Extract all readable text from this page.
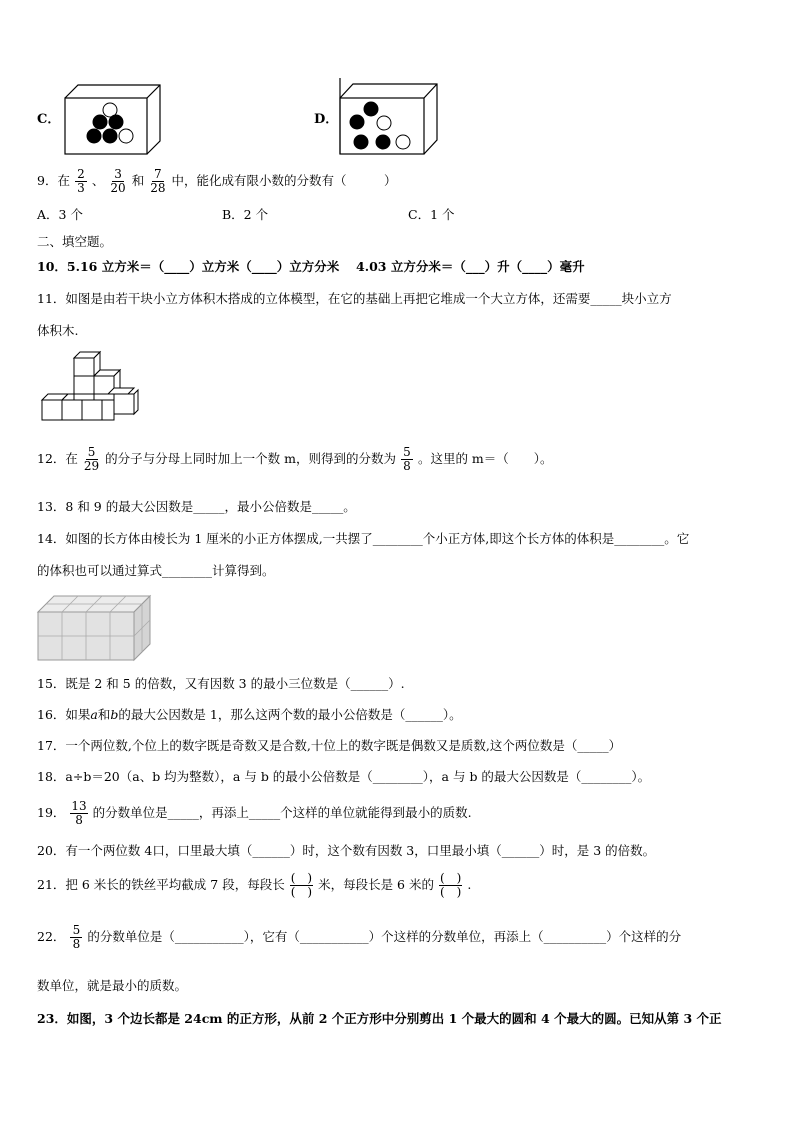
C．	D．
9．在 $\frac{2}{3}$ 、 $\frac{3}{20}$ 和 $\frac{7}{28}$ 中，能化成有限小数的分数有（　　　）
A．3 个	B．2 个	C．1 个
二、填空题。
10．5.16 立方米＝（____）立方米（____）立方分米　 4.03 立方分米＝（___）升（____）毫升
11．如图是由若干块小立方体积木搭成的立体模型，在它的基础上再把它堆成一个大立方体，还需要_____块小立方
体积木.
12．在 $\frac{5}{29}$ 的分子与分母上同时加上一个数 m，则得到的分数为 $\frac{5}{8}$ 。这里的 m＝（　　）。
13．8 和 9 的最大公因数是_____，最小公倍数是_____。
14．如图的长方体由棱长为 1 厘米的小正方体摆成,一共摆了________个小正方体,即这个长方体的体积是________。它
的体积也可以通过算式________计算得到。
15．既是 2 和 5 的倍数，又有因数 3 的最小三位数是（______）.
16．如果a和b的最大公因数是 1，那么这两个数的最小公倍数是（______）。
17．一个两位数,个位上的数字既是奇数又是合数,十位上的数字既是偶数又是质数,这个两位数是（_____）
18．a÷b＝20（a、b 均为整数），a 与 b 的最小公倍数是（________），a 与 b 的最大公因数是（________）。
19． $\frac{13}{8}$ 的分数单位是_____，再添上_____个这样的单位就能得到最小的质数.
20．有一个两位数 4口，口里最大填（______）时，这个数有因数 3，口里最小填（______）时，是 3 的倍数。
21．把 6 米长的铁丝平均截成 7 段，每段长 $\frac{( )}{( )}$ 米，每段长是 6 米的 $\frac{( )}{( )}$ .
22． $\frac{5}{8}$ 的分数单位是（___________），它有（___________）个这样的分数单位，再添上（__________）个这样的分
数单位，就是最小的质数。
23．如图，3 个边长都是 24cm 的正方形，从前 2 个正方形中分别剪出 1 个最大的圆和 4 个最大的圆。已知从第 3 个正
